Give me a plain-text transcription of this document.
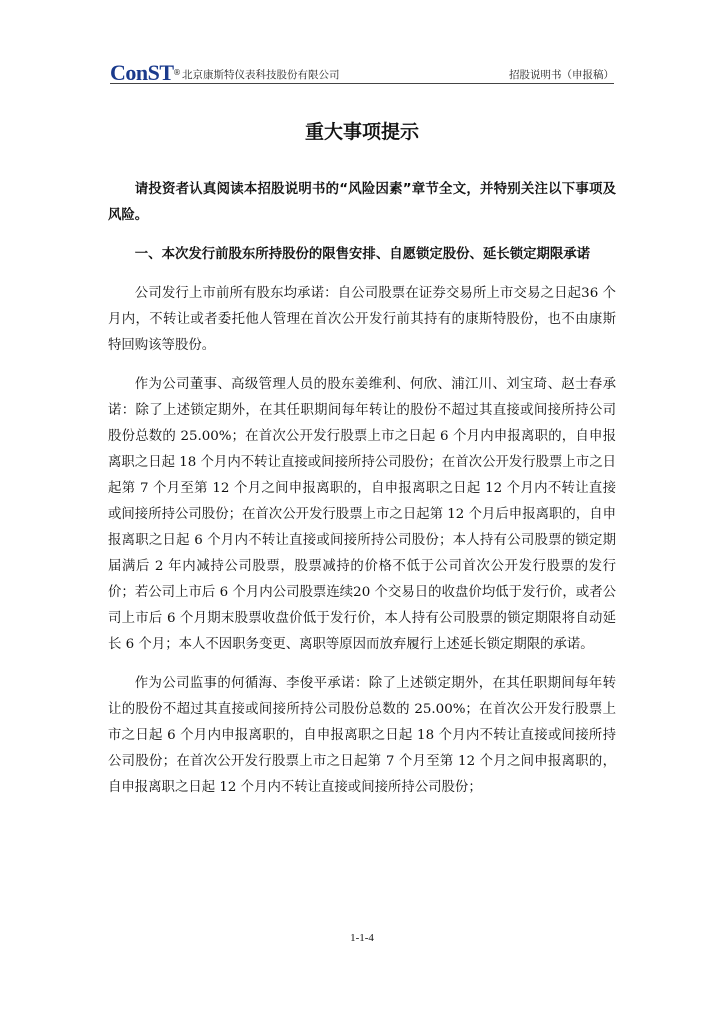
ConST ® 北京康斯特仪表科技股份有限公司	招股说明书（申报稿）
重大事项提示

请投资者认真阅读本招股说明书的“风险因素”章节全文，并特别关注以下事项及风险。

一、本次发行前股东所持股份的限售安排、自愿锁定股份、延长锁定期限承诺

公司发行上市前所有股东均承诺：自公司股票在证券交易所上市交易之日起36 个月内，不转让或者委托他人管理在首次公开发行前其持有的康斯特股份，也不由康斯特回购该等股份。

作为公司董事、高级管理人员的股东姜维利、何欣、浦江川、刘宝琦、赵士春承诺：除了上述锁定期外，在其任职期间每年转让的股份不超过其直接或间接所持公司股份总数的 25.00%；在首次公开发行股票上市之日起 6 个月内申报离职的，自申报离职之日起 18 个月内不转让直接或间接所持公司股份；在首次公开发行股票上市之日起第 7 个月至第 12 个月之间申报离职的，自申报离职之日起 12 个月内不转让直接或间接所持公司股份；在首次公开发行股票上市之日起第 12 个月后申报离职的，自申报离职之日起 6 个月内不转让直接或间接所持公司股份；本人持有公司股票的锁定期届满后 2 年内减持公司股票，股票减持的价格不低于公司首次公开发行股票的发行价；若公司上市后 6 个月内公司股票连续20 个交易日的收盘价均低于发行价，或者公司上市后 6 个月期末股票收盘价低于发行价，本人持有公司股票的锁定期限将自动延长 6 个月；本人不因职务变更、离职等原因而放弃履行上述延长锁定期限的承诺。

作为公司监事的何循海、李俊平承诺：除了上述锁定期外，在其任职期间每年转让的股份不超过其直接或间接所持公司股份总数的 25.00%；在首次公开发行股票上市之日起 6 个月内申报离职的，自申报离职之日起 18 个月内不转让直接或间接所持公司股份；在首次公开发行股票上市之日起第 7 个月至第 12 个月之间申报离职的，自申报离职之日起 12 个月内不转让直接或间接所持公司股份；

1-1-4
